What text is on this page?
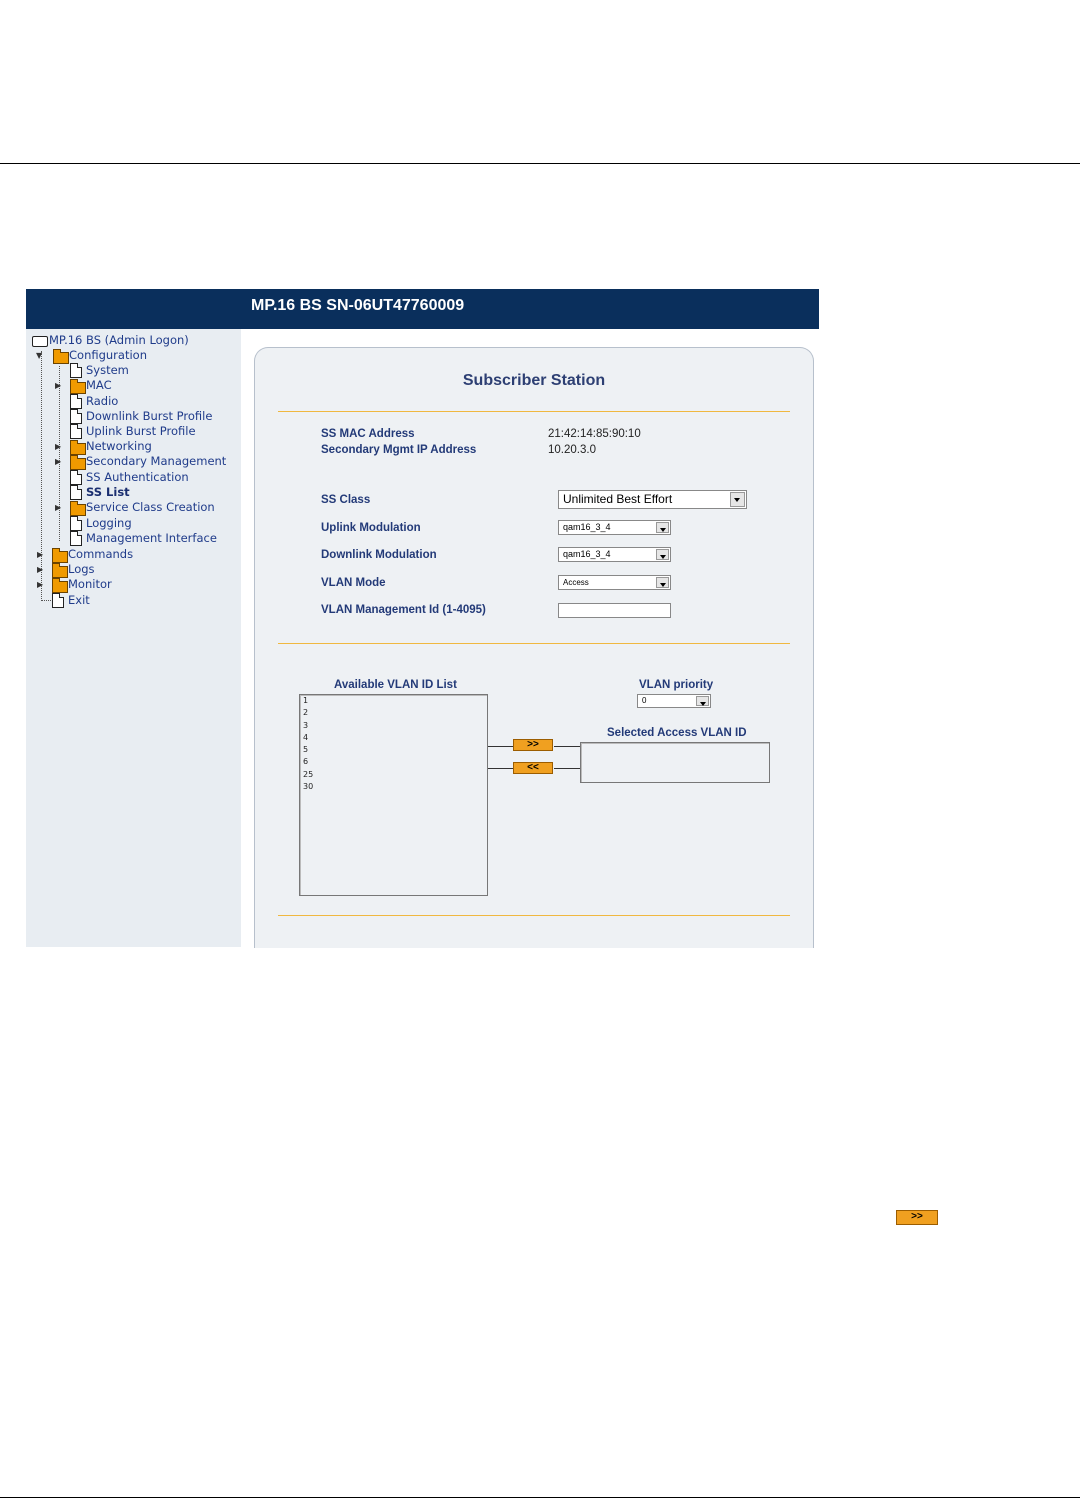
MP.16 BS SN-06UT47760009
MP.16 BS (Admin Logon)
▼ Configuration
System
▶ MAC
Radio
Downlink Burst Profile
Uplink Burst Profile
▶ Networking
▶ Secondary Management
SS Authentication
SS List
▶ Service Class Creation
Logging
Management Interface
▶ Commands
▶ Logs
▶ Monitor
Exit
Subscriber Station
SS MAC Address	21:42:14:85:90:10
Secondary Mgmt IP Address	10.20.3.0
SS Class	Unlimited Best Effort
Uplink Modulation	qam16_3_4
Downlink Modulation	qam16_3_4
VLAN Mode	Access
VLAN Management Id (1-4095)
Available VLAN ID List
1
2
3
4
5
6
25
30
VLAN priority
0
Selected Access VLAN ID
>>
<<
>>
